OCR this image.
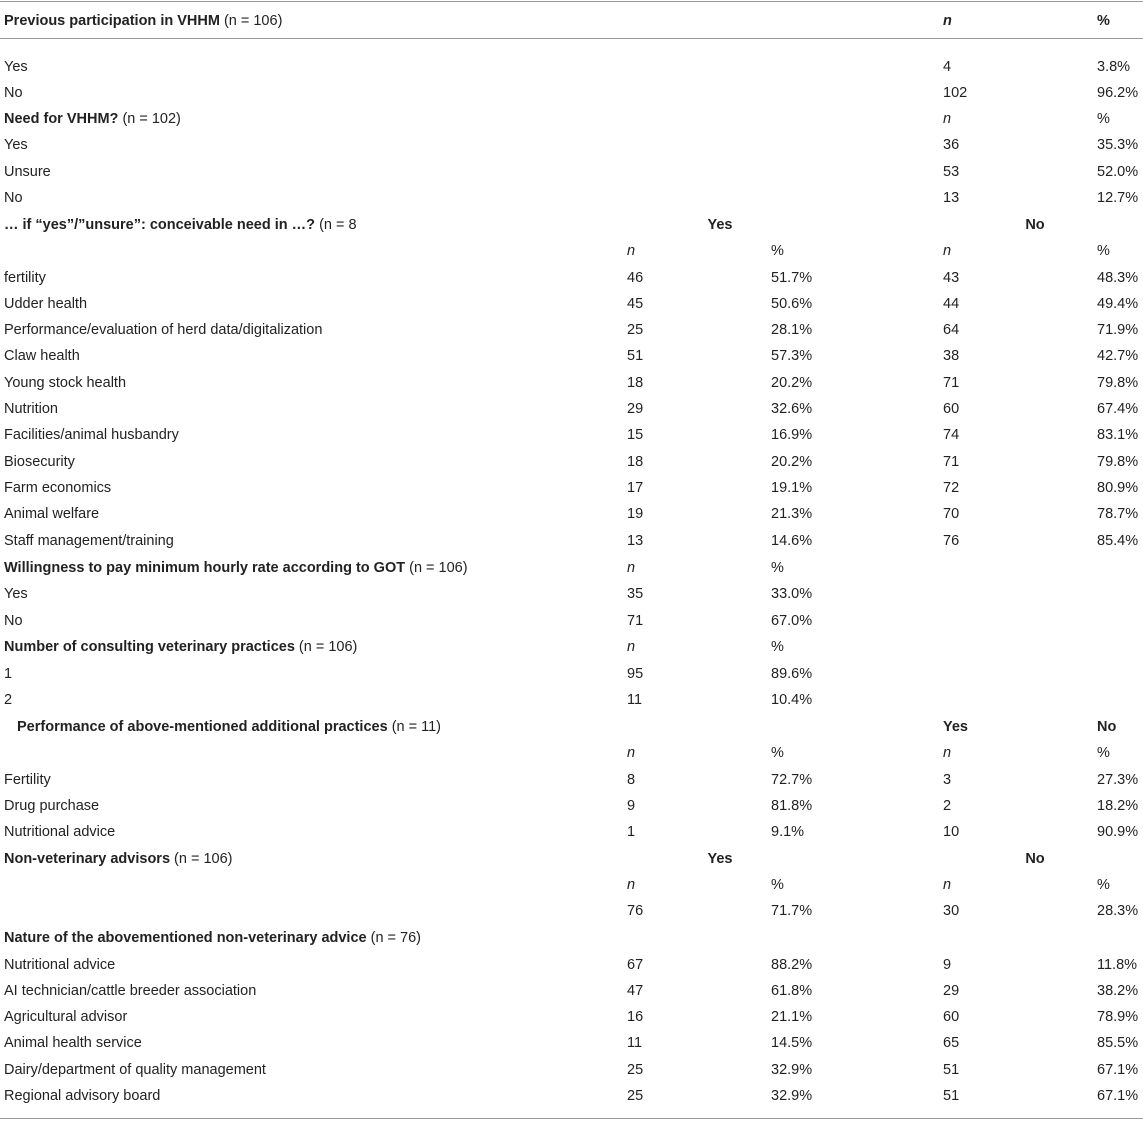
Previous participation in VHHM (n = 106)	n	%
Yes	4	3.8%
No	102	96.2%
Need for VHHM? (n = 102)	n	%
Yes	36	35.3%
Unsure	53	52.0%
No	13	12.7%
… if “yes”/”unsure”: conceivable need in …? (n = 8	Yes	No
n	%	n	%
fertility	46	51.7%	43	48.3%
Udder health	45	50.6%	44	49.4%
Performance/evaluation of herd data/digitalization	25	28.1%	64	71.9%
Claw health	51	57.3%	38	42.7%
Young stock health	18	20.2%	71	79.8%
Nutrition	29	32.6%	60	67.4%
Facilities/animal husbandry	15	16.9%	74	83.1%
Biosecurity	18	20.2%	71	79.8%
Farm economics	17	19.1%	72	80.9%
Animal welfare	19	21.3%	70	78.7%
Staff management/training	13	14.6%	76	85.4%
Willingness to pay minimum hourly rate according to GOT (n = 106)	n	%
Yes	35	33.0%
No	71	67.0%
Number of consulting veterinary practices (n = 106)	n	%
1	95	89.6%
2	11	10.4%
Performance of above-mentioned additional practices (n = 11)	Yes	No
n	%	n	%
Fertility	8	72.7%	3	27.3%
Drug purchase	9	81.8%	2	18.2%
Nutritional advice	1	9.1%	10	90.9%
Non-veterinary advisors (n = 106)	Yes	No
n	%	n	%
76	71.7%	30	28.3%
Nature of the abovementioned non-veterinary advice (n = 76)
Nutritional advice	67	88.2%	9	11.8%
AI technician/cattle breeder association	47	61.8%	29	38.2%
Agricultural advisor	16	21.1%	60	78.9%
Animal health service	11	14.5%	65	85.5%
Dairy/department of quality management	25	32.9%	51	67.1%
Regional advisory board	25	32.9%	51	67.1%
